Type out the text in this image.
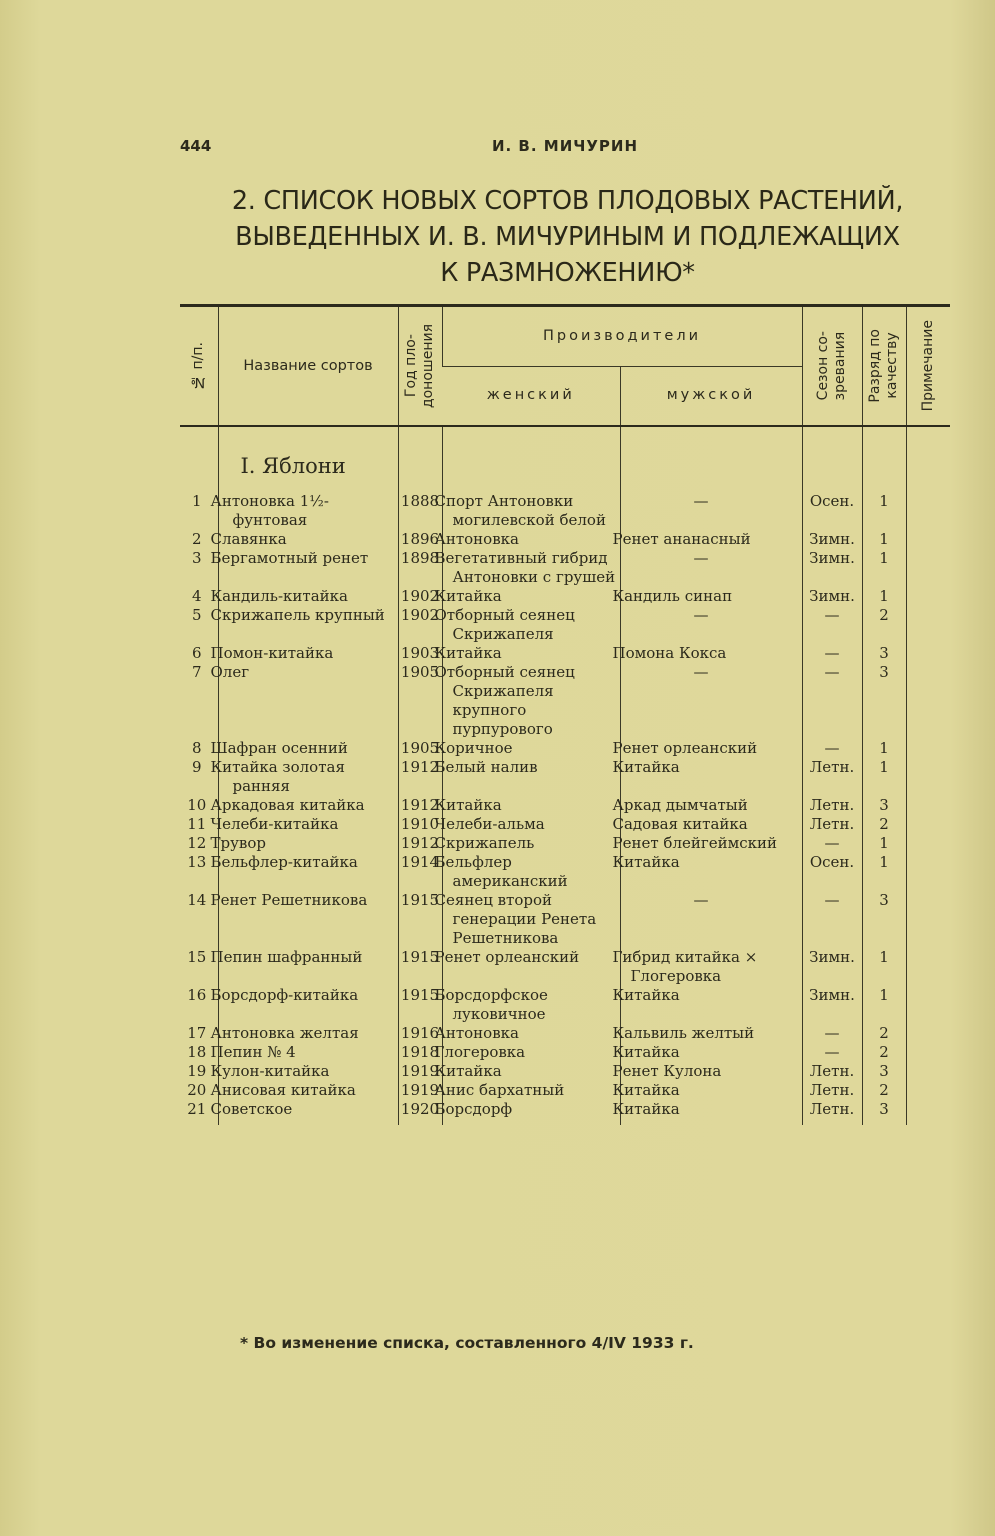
444	И. В. МИЧУРИН
2. СПИСОК НОВЫХ СОРТОВ ПЛОДОВЫХ РАСТЕНИЙ,
ВЫВЕДЕННЫХ И. В. МИЧУРИНЫМ И ПОДЛЕЖАЩИХ
К РАЗМНОЖЕНИЮ*
№ п/п.	Название сортов	Год пло-
доношения	Производители		Сезон со-
зревания	Разряд по
качеству	Примечание

			женский	мужской			
	I. Яблони						
1	Антоновка 1½-фунтовая	1888	Спорт Антоновки могилевской белой	—	Осен.	1	
2	Славянка	1896	Антоновка	Ренет ананасный	Зимн.	1	
3	Бергамотный ренет	1898	Вегетативный гибрид Антоновки с грушей	—	Зимн.	1	
4	Кандиль-китайка	1902	Китайка	Кандиль синап	Зимн.	1	
5	Скрижапель крупный	1902	Отборный сеянец Скрижапеля	—	—	2	
6	Помон-китайка	1903	Китайка	Помона Кокса	—	3	
7	Олег	1905	Отборный сеянец Скрижапеля крупного пурпурового	—	—	3	
8	Шафран осенний	1905	Коричное	Ренет орлеанский	—	1	
9	Китайка золотая ранняя	1912	Белый налив	Китайка	Летн.	1	
10	Аркадовая китайка	1912	Китайка	Аркад дымчатый	Летн.	3	
11	Челеби-китайка	1910	Челеби-альма	Садовая китайка	Летн.	2	
12	Трувор	1912	Скрижапель	Ренет блейгеймский	—	1	
13	Бельфлер-китайка	1914	Бельфлер американский	Китайка	Осен.	1	
14	Ренет Решетникова	1915	Сеянец второй генерации Ренета Решетникова	—	—	3	
15	Пепин шафранный	1915	Ренет орлеанский	Гибрид китайка × Глогеровка	Зимн.	1	
16	Борсдорф-китайка	1915	Борсдорфское луковичное	Китайка	Зимн.	1	
17	Антоновка желтая	1916	Антоновка	Кальвиль желтый	—	2	
18	Пепин № 4	1918	Глогеровка	Китайка	—	2	
19	Кулон-китайка	1919	Китайка	Ренет Кулона	Летн.	3	
20	Анисовая китайка	1919	Анис бархатный	Китайка	Летн.	2	
21	Советское	1920	Борсдорф	Китайка	Летн.	3	
* Во изменение списка, составленного 4/IV 1933 г.
